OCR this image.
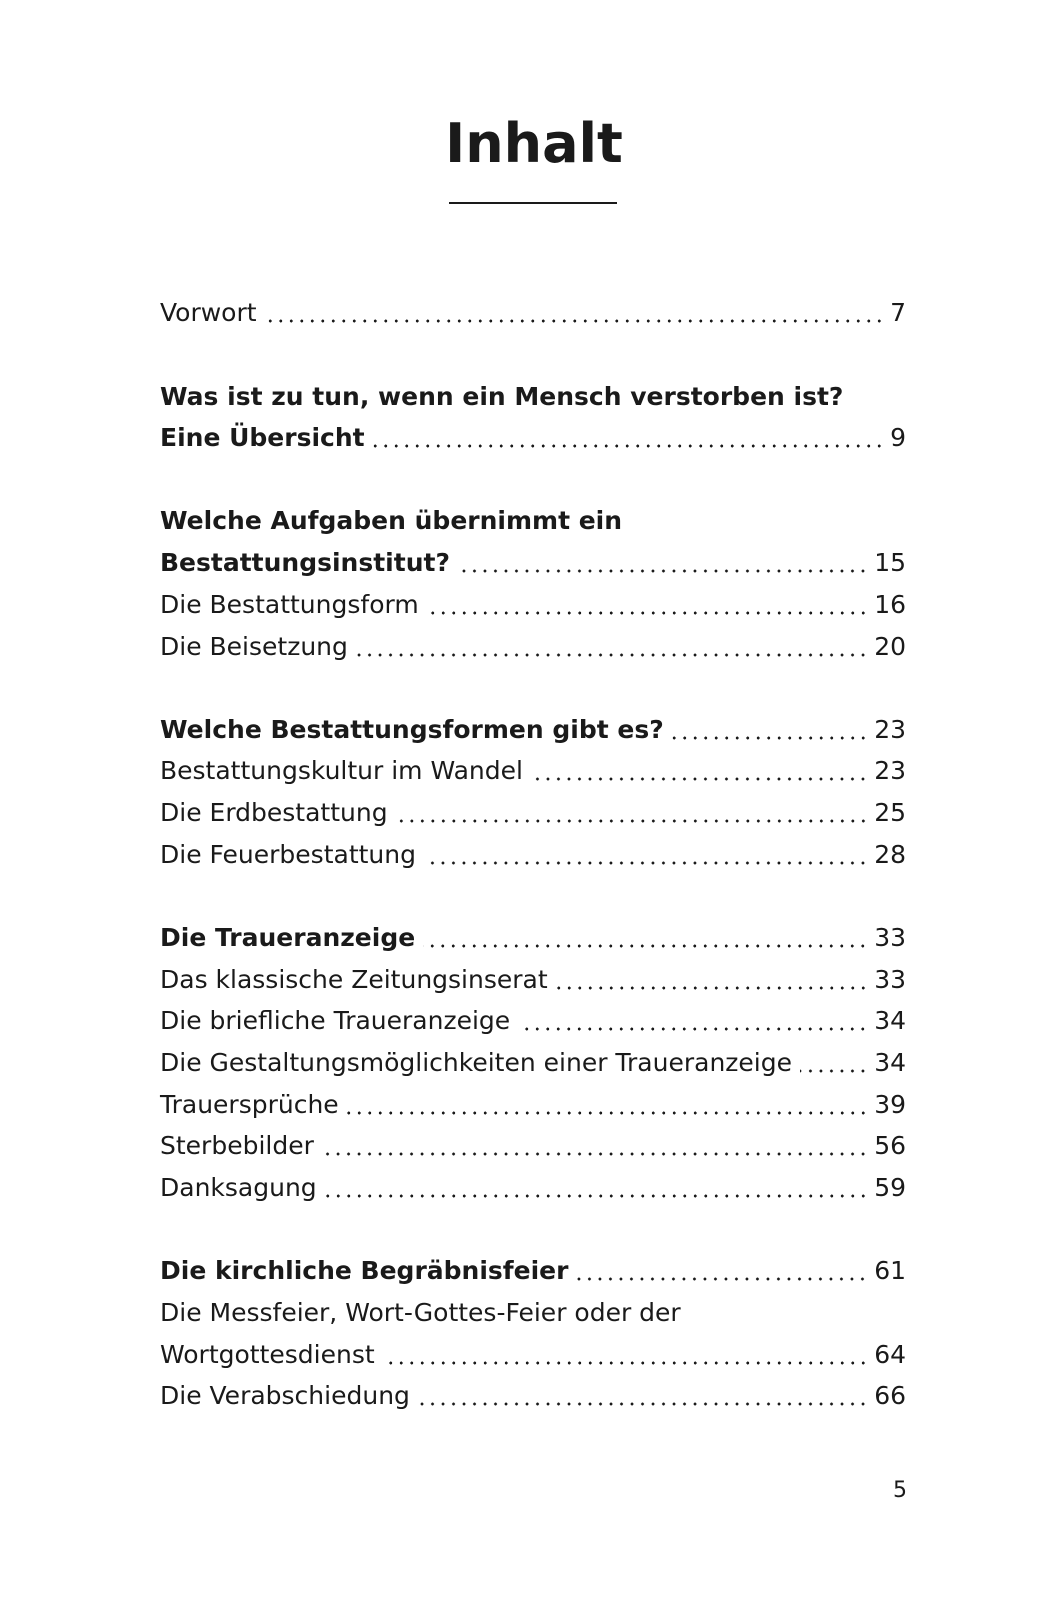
Inhalt
Vorwort	7
Was ist zu tun, wenn ein Mensch verstorben ist?
Eine Übersicht	9
Welche Aufgaben übernimmt ein
Bestattungsinstitut?	15
Die Bestattungsform	16
Die Beisetzung	20
Welche Bestattungsformen gibt es?	23
Bestattungskultur im Wandel	23
Die Erdbestattung	25
Die Feuerbestattung	28
Die Traueranzeige	33
Das klassische Zeitungsinserat	33
Die briefliche Traueranzeige	34
Die Gestaltungsmöglichkeiten einer Traueranzeige	34
Trauersprüche	39
Sterbebilder	56
Danksagung	59
Die kirchliche Begräbnisfeier	61
Die Messfeier, Wort-Gottes-Feier oder der
Wortgottesdienst	64
Die Verabschiedung	66
5
